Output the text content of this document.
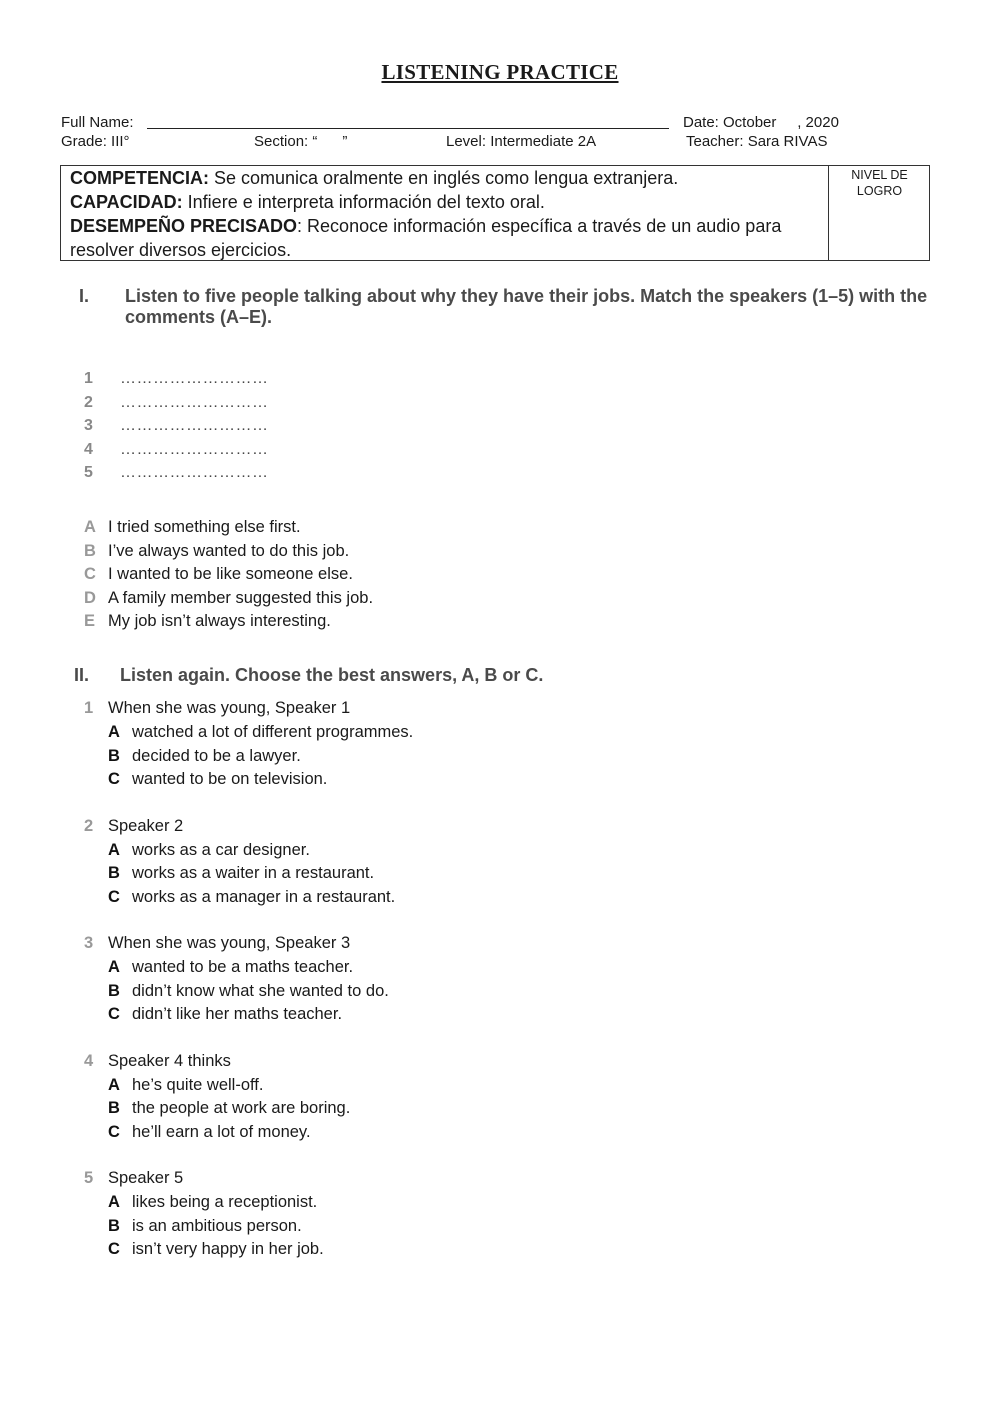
LISTENING PRACTICE
Full Name:	Date: October     , 2020
Grade: III°	Section: “      ”	Level: Intermediate 2A	Teacher: Sara RIVAS
COMPETENCIA: Se comunica oralmente en inglés como lengua extranjera.
CAPACIDAD: Infiere e interpreta información del texto oral.
DESEMPEÑO PRECISADO: Reconoce información específica a través de un audio para resolver diversos ejercicios.
NIVEL DE LOGRO
I. Listen to five people talking about why they have their jobs. Match the speakers (1–5) with the comments (A–E).
1 ………………………
2 ………………………
3 ………………………
4 ………………………
5 ………………………
A I tried something else first.
B I’ve always wanted to do this job.
C I wanted to be like someone else.
D A family member suggested this job.
E My job isn’t always interesting.
II. Listen again. Choose the best answers, A, B or C.
1 When she was young, Speaker 1
A watched a lot of different programmes.
B decided to be a lawyer.
C wanted to be on television.
2 Speaker 2
A works as a car designer.
B works as a waiter in a restaurant.
C works as a manager in a restaurant.
3 When she was young, Speaker 3
A wanted to be a maths teacher.
B didn’t know what she wanted to do.
C didn’t like her maths teacher.
4 Speaker 4 thinks
A he’s quite well-off.
B the people at work are boring.
C he’ll earn a lot of money.
5 Speaker 5
A likes being a receptionist.
B is an ambitious person.
C isn’t very happy in her job.
